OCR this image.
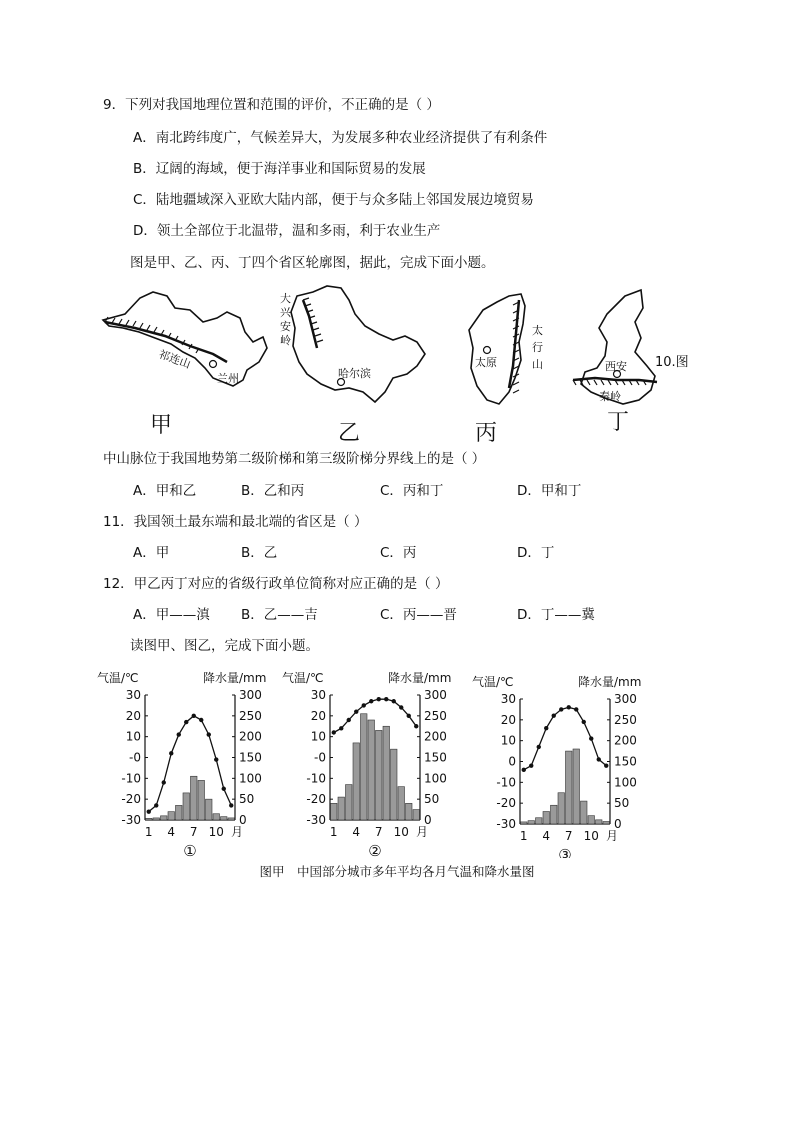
9．下列对我国地理位置和范围的评价，不正确的是（ ）
A．南北跨纬度广，气候差异大，为发展多种农业经济提供了有利条件
B．辽阔的海域，便于海洋事业和国际贸易的发展
C．陆地疆域深入亚欧大陆内部，便于与众多陆上邻国发展边境贸易
D．领土全部位于北温带，温和多雨，利于农业生产
图是甲、乙、丙、丁四个省区轮廓图，据此，完成下面小题。
祁连山
兰州
大
兴
安
岭
哈尔滨
太
行
山
太原	西安
秦岭
10.图
甲	乙	丙	丁
中山脉位于我国地势第二级阶梯和第三级阶梯分界线上的是（ ）
A．甲和乙	B．乙和丙	C．丙和丁	D．甲和丁
11．我国领土最东端和最北端的省区是（ ）
A．甲	B．乙	C．丙	D．丁
12．甲乙丙丁对应的省级行政单位简称对应正确的是（ ）
A．甲——滇 B．乙——吉	C．丙——晋	D．丁——冀
读图甲、图乙，完成下面小题。
气温/℃	降水量/mm
30
20
10
-0
-10
-20
-30
300
250
200
150
100
50
0
1 4 7 10 月
①
气温/℃	降水量/mm
30
20
10
-0
-10
-20
-30
300
250
200
150
100
50
0
1 4 7 10 月
②
气温/℃	降水量/mm
30
20
10
0
-10
-20
-30
300
250
200
150
100
50
0
1 4 7 10 月
③
图甲　中国部分城市多年平均各月气温和降水量图
